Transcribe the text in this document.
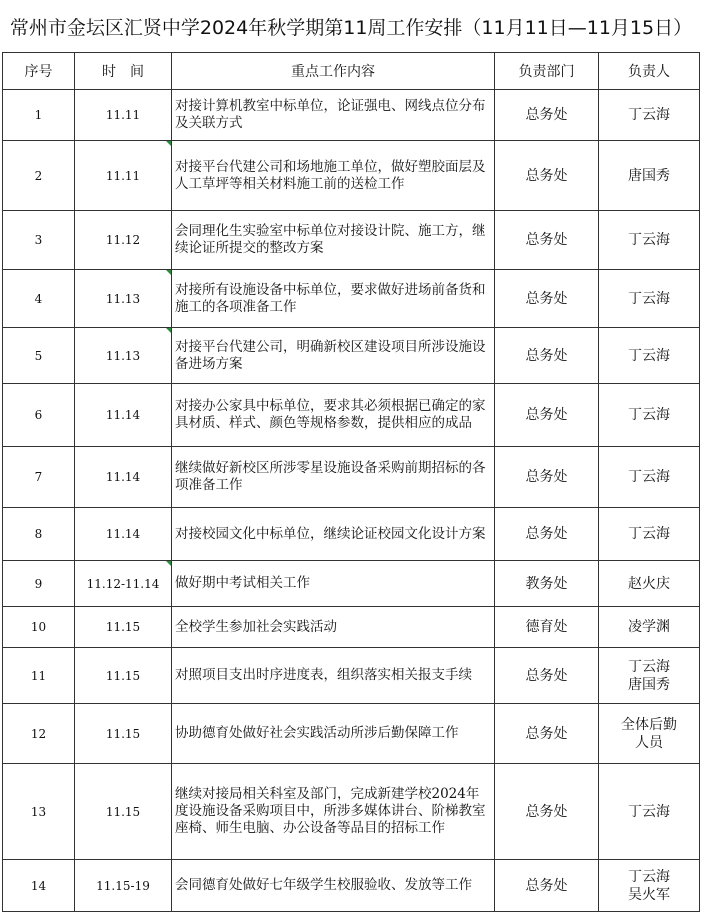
常州市金坛区汇贤中学2024年秋学期第11周工作安排（11月11日—11月15日）
序号	时　间	重点工作内容	负责部门	负责人
1	11.11	对接计算机教室中标单位，论证强电、网线点位分布及关联方式	总务处	丁云海

2	11.11	对接平台代建公司和场地施工单位，做好塑胶面层及人工草坪等相关材料施工前的送检工作	总务处	唐国秀

3	11.12	会同理化生实验室中标单位对接设计院、施工方，继续论证所提交的整改方案	总务处	丁云海

4	11.13	对接所有设施设备中标单位，要求做好进场前备货和施工的各项准备工作	总务处	丁云海

5	11.13	对接平台代建公司，明确新校区建设项目所涉设施设备进场方案	总务处	丁云海

6	11.14	对接办公家具中标单位，要求其必须根据已确定的家具材质、样式、颜色等规格参数，提供相应的成品	总务处	丁云海

7	11.14	继续做好新校区所涉零星设施设备采购前期招标的各项准备工作	总务处	丁云海

8	11.14	对接校园文化中标单位，继续论证校园文化设计方案	总务处	丁云海

9	11.12-11.14	做好期中考试相关工作	教务处	赵火庆

10	11.15	全校学生参加社会实践活动	德育处	凌学渊

11	11.15	对照项目支出时序进度表，组织落实相关报支手续	总务处	丁云海
唐国秀

12	11.15	协助德育处做好社会实践活动所涉后勤保障工作	总务处	全体后勤
人员

13	11.15	继续对接局相关科室及部门，完成新建学校2024年度设施设备采购项目中，所涉多媒体讲台、阶梯教室座椅、师生电脑、办公设备等品目的招标工作	总务处	丁云海

14	11.15-19	会同德育处做好七年级学生校服验收、发放等工作	总务处	丁云海
吴火军
